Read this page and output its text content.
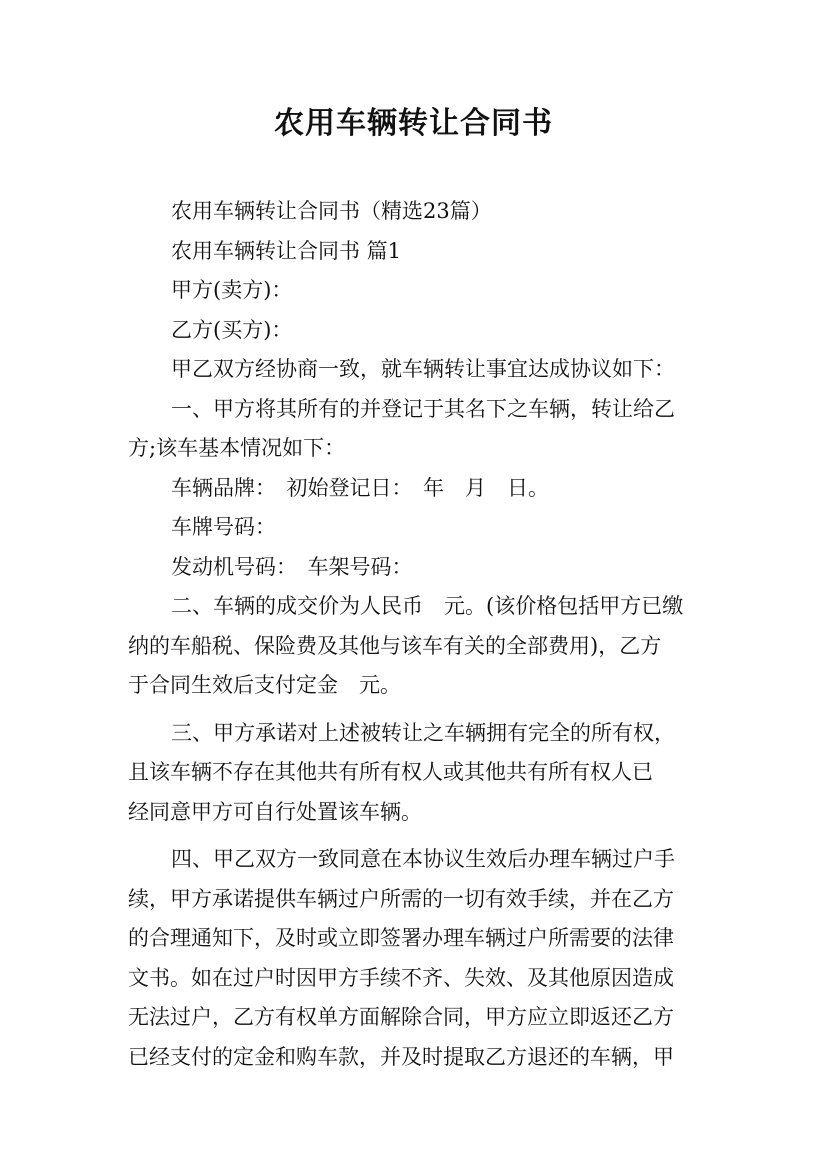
农用车辆转让合同书

农用车辆转让合同书（精选23篇）

农用车辆转让合同书 篇1

甲方(卖方)：

乙方(买方)：

甲乙双方经协商一致，就车辆转让事宜达成协议如下：

一、甲方将其所有的并登记于其名下之车辆，转让给乙

方;该车基本情况如下：

车辆品牌：　初始登记日：　年　月　日。

车牌号码：

发动机号码：　车架号码：

二、车辆的成交价为人民币　元。(该价格包括甲方已缴

纳的车船税、保险费及其他与该车有关的全部费用)，乙方

于合同生效后支付定金　元。

三、甲方承诺对上述被转让之车辆拥有完全的所有权，

且该车辆不存在其他共有所有权人或其他共有所有权人已

经同意甲方可自行处置该车辆。

四、甲乙双方一致同意在本协议生效后办理车辆过户手

续，甲方承诺提供车辆过户所需的一切有效手续，并在乙方

的合理通知下，及时或立即签署办理车辆过户所需要的法律

文书。如在过户时因甲方手续不齐、失效、及其他原因造成

无法过户，乙方有权单方面解除合同，甲方应立即返还乙方

已经支付的定金和购车款，并及时提取乙方退还的车辆，甲
